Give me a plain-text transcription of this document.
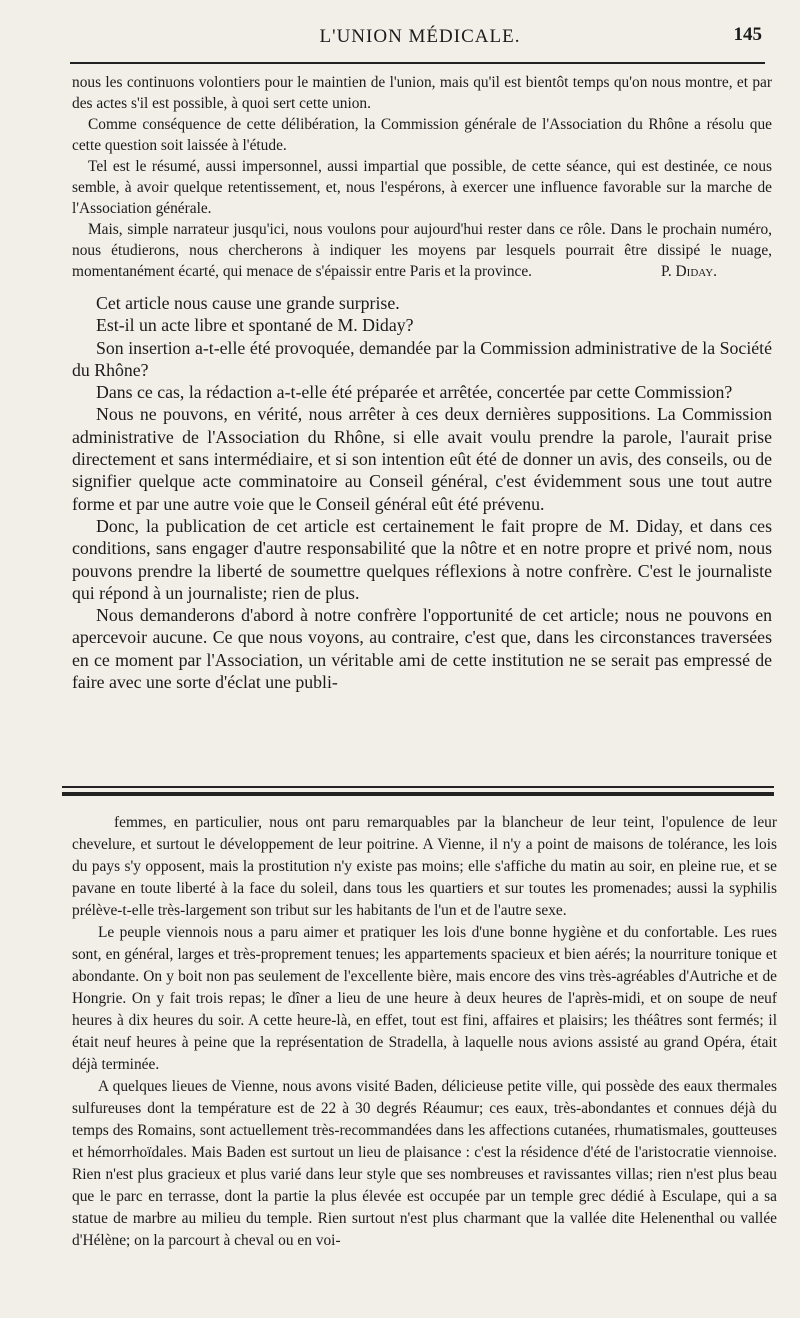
L'UNION MÉDICALE.	145

nous les continuons volontiers pour le maintien de l'union, mais qu'il est bientôt temps qu'on nous montre, et par des actes s'il est possible, à quoi sert cette union.

Comme conséquence de cette délibération, la Commission générale de l'Association du Rhône a résolu que cette question soit laissée à l'étude.

Tel est le résumé, aussi impersonnel, aussi impartial que possible, de cette séance, qui est destinée, ce nous semble, à avoir quelque retentissement, et, nous l'espérons, à exercer une influence favorable sur la marche de l'Association générale.

Mais, simple narrateur jusqu'ici, nous voulons pour aujourd'hui rester dans ce rôle. Dans le prochain numéro, nous étudierons, nous chercherons à indiquer les moyens par lesquels pourrait être dissipé le nuage, momentanément écarté, qui menace de s'épaissir entre Paris et la province.	P. Diday.

Cet article nous cause une grande surprise.

Est-il un acte libre et spontané de M. Diday?

Son insertion a-t-elle été provoquée, demandée par la Commission administrative de la Société du Rhône?

Dans ce cas, la rédaction a-t-elle été préparée et arrêtée, concertée par cette Commission?

Nous ne pouvons, en vérité, nous arrêter à ces deux dernières suppositions. La Commission administrative de l'Association du Rhône, si elle avait voulu prendre la parole, l'aurait prise directement et sans intermédiaire, et si son intention eût été de donner un avis, des conseils, ou de signifier quelque acte comminatoire au Conseil général, c'est évidemment sous une tout autre forme et par une autre voie que le Conseil général eût été prévenu.

Donc, la publication de cet article est certainement le fait propre de M. Diday, et dans ces conditions, sans engager d'autre responsabilité que la nôtre et en notre propre et privé nom, nous pouvons prendre la liberté de soumettre quelques réflexions à notre confrère. C'est le journaliste qui répond à un journaliste; rien de plus.

Nous demanderons d'abord à notre confrère l'opportunité de cet article; nous ne pouvons en apercevoir aucune. Ce que nous voyons, au contraire, c'est que, dans les circonstances traversées en ce moment par l'Association, un véritable ami de cette institution ne se serait pas empressé de faire avec une sorte d'éclat une publi-

femmes, en particulier, nous ont paru remarquables par la blancheur de leur teint, l'opulence de leur chevelure, et surtout le développement de leur poitrine. A Vienne, il n'y a point de maisons de tolérance, les lois du pays s'y opposent, mais la prostitution n'y existe pas moins; elle s'affiche du matin au soir, en pleine rue, et se pavane en toute liberté à la face du soleil, dans tous les quartiers et sur toutes les promenades; aussi la syphilis prélève-t-elle très-largement son tribut sur les habitants de l'un et de l'autre sexe.

Le peuple viennois nous a paru aimer et pratiquer les lois d'une bonne hygiène et du confortable. Les rues sont, en général, larges et très-proprement tenues; les appartements spacieux et bien aérés; la nourriture tonique et abondante. On y boit non pas seulement de l'excellente bière, mais encore des vins très-agréables d'Autriche et de Hongrie. On y fait trois repas; le dîner a lieu de une heure à deux heures de l'après-midi, et on soupe de neuf heures à dix heures du soir. A cette heure-là, en effet, tout est fini, affaires et plaisirs; les théâtres sont fermés; il était neuf heures à peine que la représentation de Stradella, à laquelle nous avions assisté au grand Opéra, était déjà terminée.

A quelques lieues de Vienne, nous avons visité Baden, délicieuse petite ville, qui possède des eaux thermales sulfureuses dont la température est de 22 à 30 degrés Réaumur; ces eaux, très-abondantes et connues déjà du temps des Romains, sont actuellement très-recommandées dans les affections cutanées, rhumatismales, goutteuses et hémorrhoïdales. Mais Baden est surtout un lieu de plaisance : c'est la résidence d'été de l'aristocratie viennoise. Rien n'est plus gracieux et plus varié dans leur style que ses nombreuses et ravissantes villas; rien n'est plus beau que le parc en terrasse, dont la partie la plus élevée est occupée par un temple grec dédié à Esculape, qui a sa statue de marbre au milieu du temple. Rien surtout n'est plus charmant que la vallée dite Helenenthal ou vallée d'Hélène; on la parcourt à cheval ou en voi-
